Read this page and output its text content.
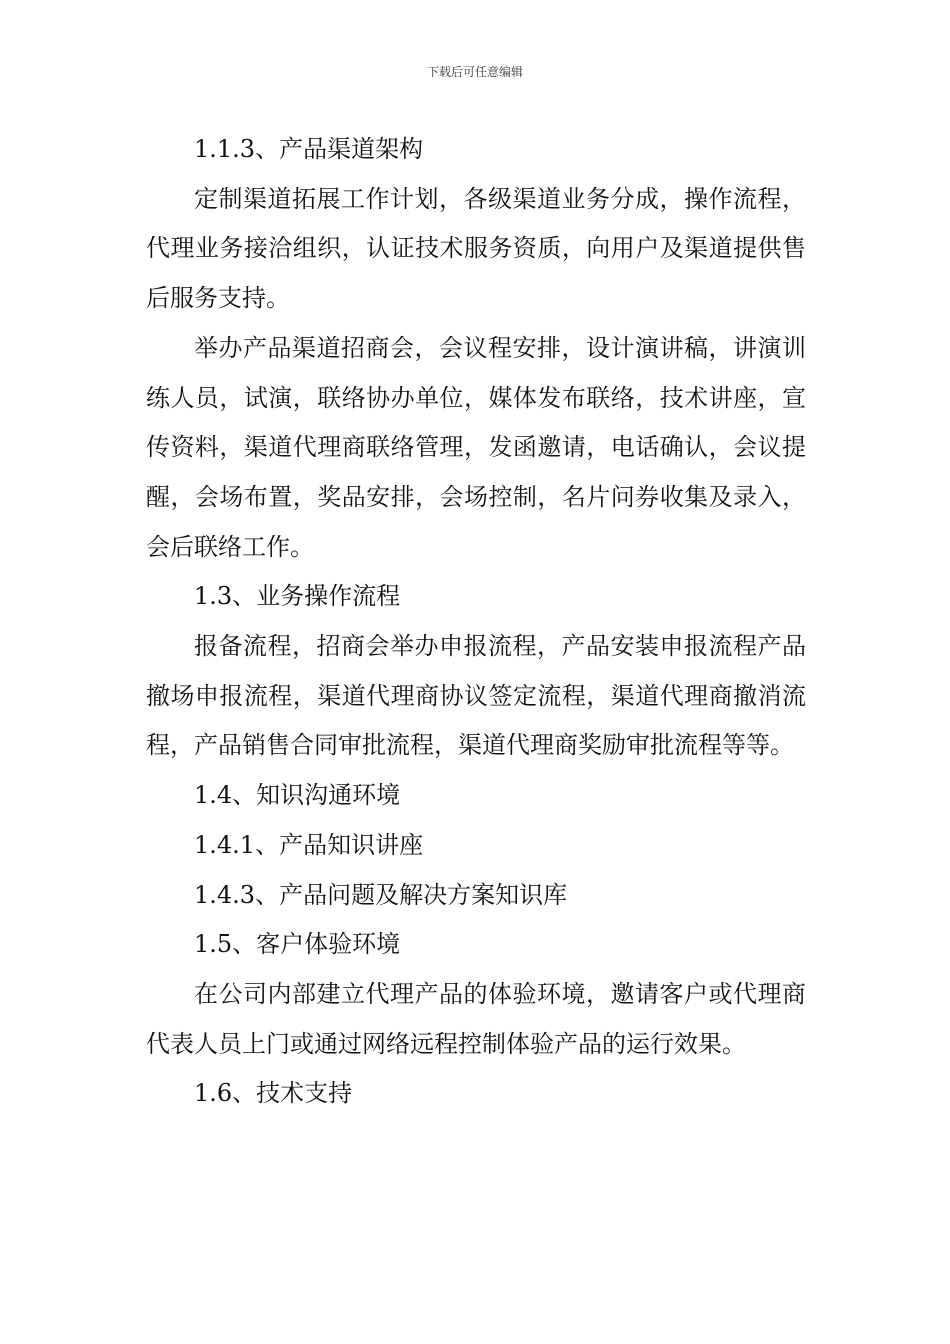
下载后可任意编辑

1.1.3、产品渠道架构

定制渠道拓展工作计划，各级渠道业务分成，操作流程，代理业务接洽组织，认证技术服务资质，向用户及渠道提供售后服务支持。

举办产品渠道招商会，会议程安排，设计演讲稿，讲演训练人员，试演，联络协办单位，媒体发布联络，技术讲座，宣传资料，渠道代理商联络管理，发函邀请，电话确认，会议提醒，会场布置，奖品安排，会场控制，名片问券收集及录入，会后联络工作。

1.3、业务操作流程

报备流程，招商会举办申报流程，产品安装申报流程产品撤场申报流程，渠道代理商协议签定流程，渠道代理商撤消流程，产品销售合同审批流程，渠道代理商奖励审批流程等等。

1.4、知识沟通环境

1.4.1、产品知识讲座

1.4.3、产品问题及解决方案知识库

1.5、客户体验环境

在公司内部建立代理产品的体验环境，邀请客户或代理商代表人员上门或通过网络远程控制体验产品的运行效果。

1.6、技术支持
